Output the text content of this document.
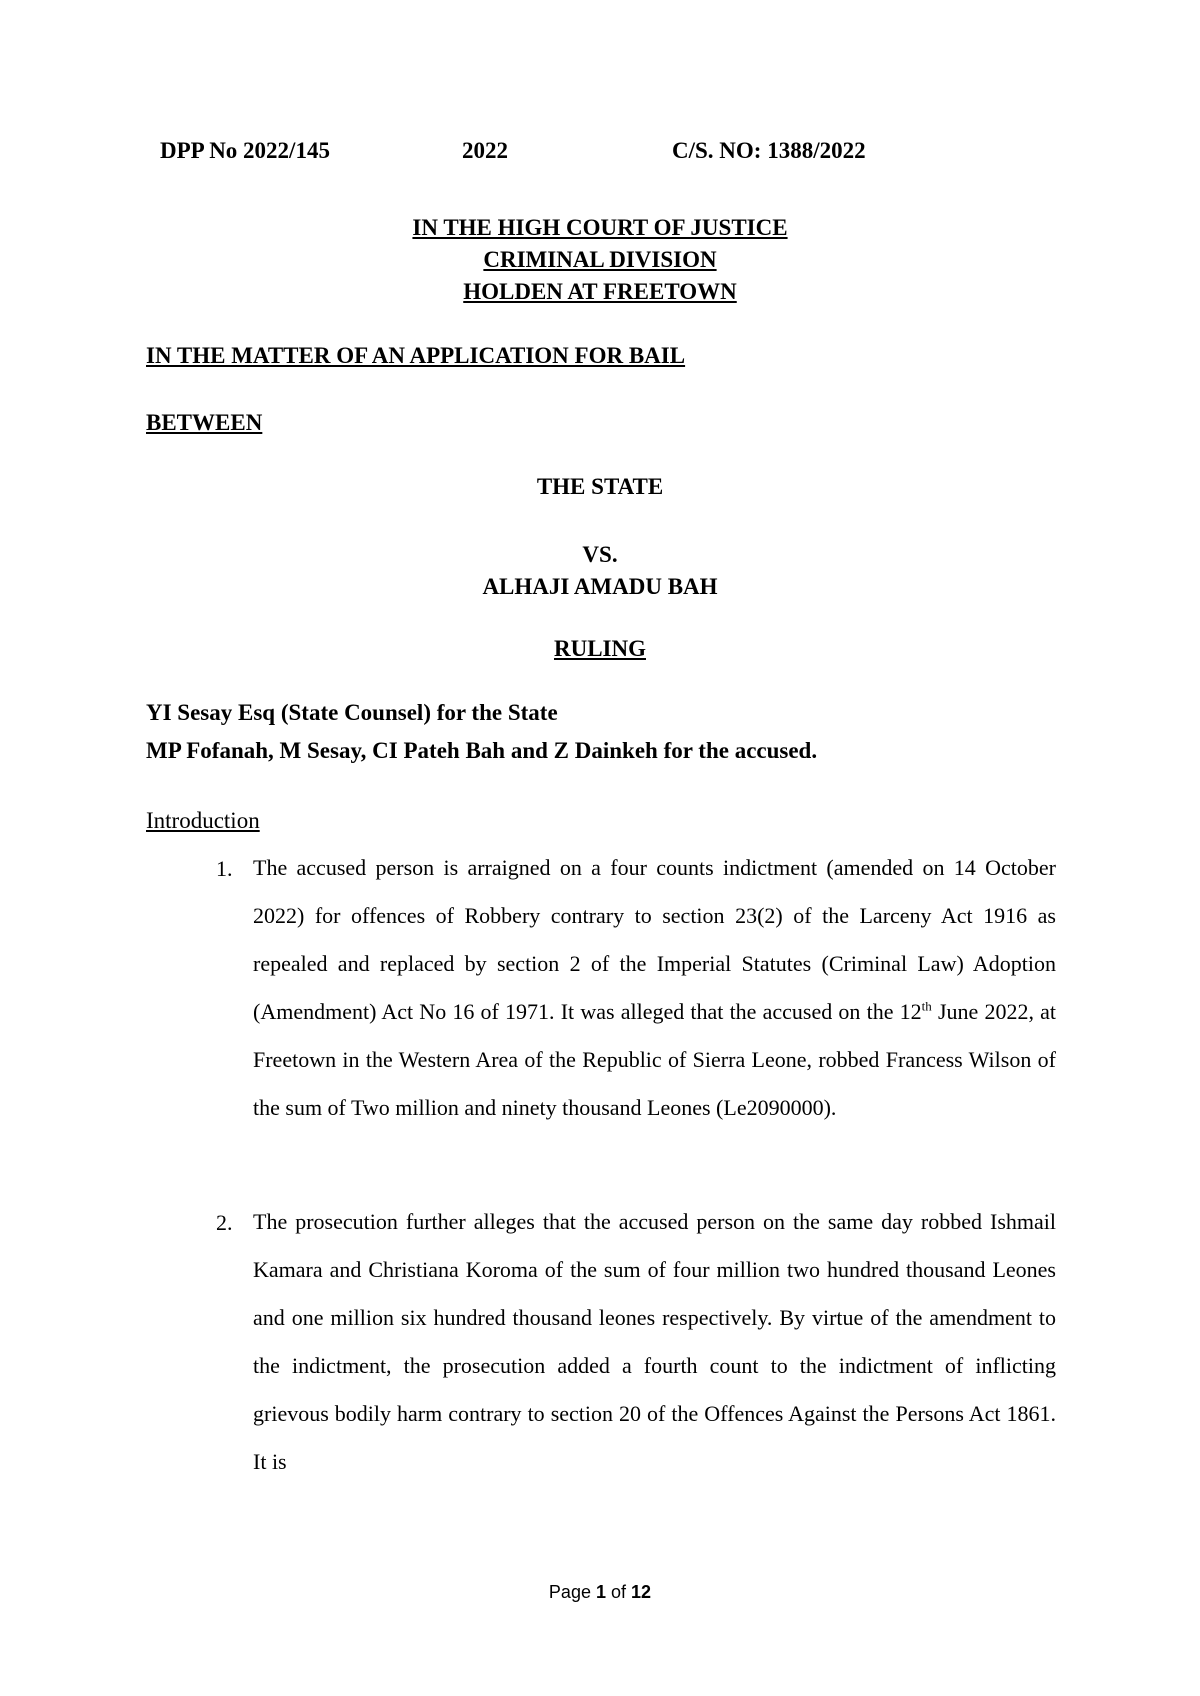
DPP No 2022/145	2022	C/S. NO: 1388/2022
IN THE HIGH COURT OF JUSTICE
CRIMINAL DIVISION
HOLDEN AT FREETOWN
IN THE MATTER OF AN APPLICATION FOR BAIL
BETWEEN
THE STATE
VS.
ALHAJI AMADU BAH
RULING
YI Sesay Esq (State Counsel) for the State
MP Fofanah, M Sesay, CI Pateh Bah and Z Dainkeh for the accused.
Introduction
1. The accused person is arraigned on a four counts indictment (amended on 14 October 2022) for offences of Robbery contrary to section 23(2) of the Larceny Act 1916 as repealed and replaced by section 2 of the Imperial Statutes (Criminal Law) Adoption (Amendment) Act No 16 of 1971. It was alleged that the accused on the 12th June 2022, at Freetown in the Western Area of the Republic of Sierra Leone, robbed Francess Wilson of the sum of Two million and ninety thousand Leones (Le2090000).
2. The prosecution further alleges that the accused person on the same day robbed Ishmail Kamara and Christiana Koroma of the sum of four million two hundred thousand Leones and one million six hundred thousand leones respectively. By virtue of the amendment to the indictment, the prosecution added a fourth count to the indictment of inflicting grievous bodily harm contrary to section 20 of the Offences Against the Persons Act 1861. It is
Page 1 of 12
